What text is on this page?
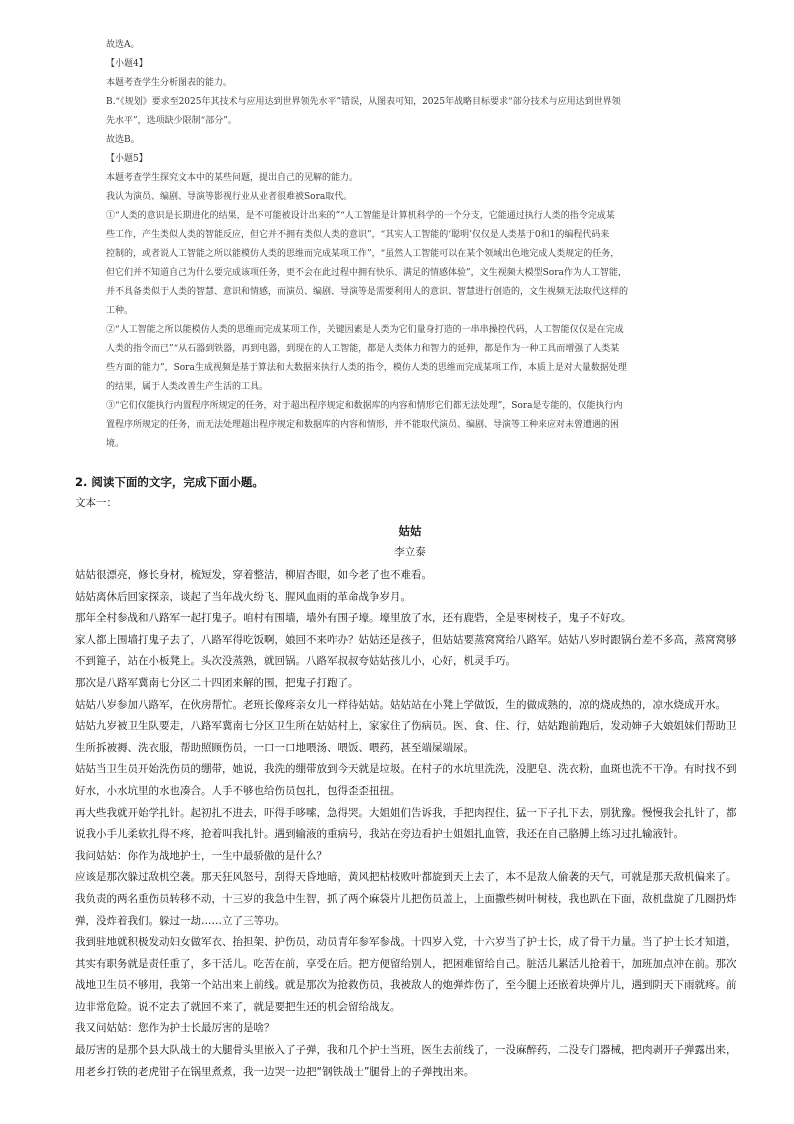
故选A。

【小题4】

本题考查学生分析图表的能力。

B.“《规划》要求至2025年其技术与应用达到世界领先水平”错误，从图表可知，2025年战略目标要求“部分技术与应用达到世界领

先水平”，选项缺少限制“部分”。

故选B。

【小题5】

本题考查学生探究文本中的某些问题，提出自己的见解的能力。

我认为演员、编剧、导演等影视行业从业者很难被Sora取代。

①“人类的意识是长期进化的结果，是不可能被设计出来的”“人工智能是计算机科学的一个分支，它能通过执行人类的指令完成某

些工作，产生类似人类的智能反应，但它并不拥有类似人类的意识”，“其实人工智能的‘聪明’仅仅是人类基于0和1的编程代码来

控制的，或者说人工智能之所以能模仿人类的思维而完成某项工作”，“虽然人工智能可以在某个领域出色地完成人类规定的任务，

但它们并不知道自己为什么要完成该项任务，更不会在此过程中拥有快乐、满足的情感体验”，文生视频大模型Sora作为人工智能，

并不具备类似于人类的智慧、意识和情感，而演员、编剧、导演等是需要利用人的意识、智慧进行创造的，文生视频无法取代这样的

工种。

②“人工智能之所以能模仿人类的思维而完成某项工作，关键因素是人类为它们量身打造的一串串操控代码，人工智能仅仅是在完成

人类的指令而已”“从石器到铁器，再到电器，到现在的人工智能，都是人类体力和智力的延伸，都是作为一种工具而增强了人类某

些方面的能力”，Sora生成视频是基于算法和大数据来执行人类的指令，模仿人类的思维而完成某项工作，本质上是对大量数据处理

的结果，属于人类改善生产生活的工具。

③“它们仅能执行内置程序所规定的任务，对于超出程序规定和数据库的内容和情形它们都无法处理”，Sora是专能的，仅能执行内

置程序所规定的任务，而无法处理超出程序规定和数据库的内容和情形，并不能取代演员、编剧、导演等工种来应对未曾遭遇的困

境。

2. 阅读下面的文字，完成下面小题。

文本一：

姑姑

李立泰

姑姑很漂亮，修长身材，梳短发，穿着整洁，柳眉杏眼，如今老了也不难看。

姑姑离休后回家探亲，谈起了当年战火纷飞、腥风血雨的革命战争岁月。

那年全村参战和八路军一起打鬼子。咱村有围墙，墙外有围子壕。壕里放了水，还有鹿砦，全是枣树枝子，鬼子不好攻。

家人都上围墙打鬼子去了，八路军得吃饭啊，娘回不来咋办？姑姑还是孩子，但姑姑要蒸窝窝给八路军。姑姑八岁时跟锅台差不多高，蒸窝窝够不到篦子，站在小板凳上。头次没蒸熟，就回锅。八路军叔叔夸姑姑孩儿小，心好，机灵手巧。

那次是八路军冀南七分区二十四团来解的围，把鬼子打跑了。

姑姑八岁参加八路军，在伙房帮忙。老班长像疼亲女儿一样待姑姑。姑姑站在小凳上学做饭，生的做成熟的，凉的烧成热的，凉水烧成开水。

姑姑九岁被卫生队要走，八路军冀南七分区卫生所在姑姑村上，家家住了伤病员。医、食、住、行，姑姑跑前跑后，发动婶子大娘姐妹们帮助卫生所拆被褥、洗衣服，帮助照顾伤员，一口一口地喂汤、喂饭、喂药，甚至端屎端尿。

姑姑当卫生员开始洗伤员的绷带，她说，我洗的绷带放到今天就是垃圾。在村子的水坑里洗洗，没肥皂、洗衣粉，血斑也洗不干净。有时找不到好水，小水坑里的水也凑合。人手不够也给伤员包扎，包得歪歪扭扭。

再大些我就开始学扎针。起初扎不进去，吓得手哆嗦，急得哭。大姐姐们告诉我，手把肉捏住，猛一下子扎下去，别犹豫。慢慢我会扎针了，都说我小手儿柔软扎得不疼，抢着叫我扎针。遇到输液的重病号，我站在旁边看护士姐姐扎血管，我还在自己胳膊上练习过扎输液针。

我问姑姑：你作为战地护士，一生中最骄傲的是什么？

应该是那次躲过敌机空袭。那天狂风怒号，刮得天昏地暗，黄风把枯枝败叶都旋到天上去了，本不是敌人偷袭的天气，可就是那天敌机偏来了。我负责的两名重伤员转移不动，十三岁的我急中生智，抓了两个麻袋片儿把伤员盖上，上面撒些树叶树枝，我也趴在下面，敌机盘旋了几圈扔炸弹，没炸着我们。躲过一劫……立了三等功。

我到驻地就积极发动妇女做军衣、抬担架、护伤员，动员青年参军参战。十四岁入党，十六岁当了护士长，成了骨干力量。当了护士长才知道，其实有职务就是责任重了，多干活儿。吃苦在前，享受在后。把方便留给别人，把困难留给自己。脏活儿累活儿抢着干，加班加点冲在前。那次战地卫生员不够用，我第一个站出来上前线。就是那次为抢救伤员，我被敌人的炮弹炸伤了，至今腿上还嵌着块弹片儿，遇到阴天下雨就疼。前边非常危险。说不定去了就回不来了，就是要把生还的机会留给战友。

我又问姑姑：您作为护士长最厉害的是啥？

最厉害的是那个县大队战士的大腿骨头里嵌入了子弹，我和几个护士当班，医生去前线了，一没麻醉药，二没专门器械，把肉剥开子弹露出来，用老乡打铁的老虎钳子在锅里煮煮，我一边哭一边把“钢铁战士”腿骨上的子弹拽出来。
